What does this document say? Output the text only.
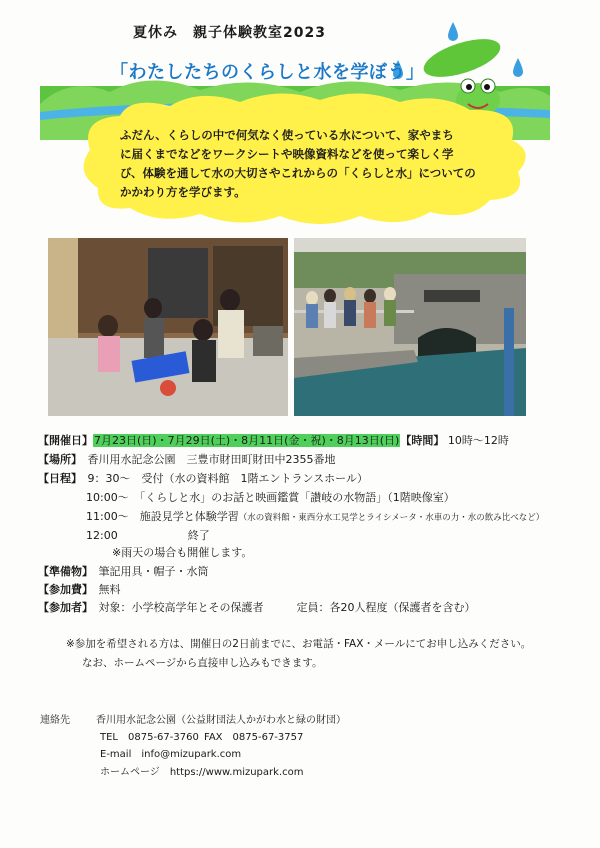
夏休み　親子体験教室2023
「わたしたちのくらしと水を学ぼう」
ふだん、くらしの中で何気なく使っている水について、家やまち
に届くまでなどをワークシートや映像資料などを使って楽しく学
び、体験を通して水の大切さやこれからの「くらしと水」についての
かかわり方を学びます。
【開催日】7月23日(日)・7月29日(土)・8月11日(金・祝)・8月13日(日)【時間】 10時～12時
【場所】　 香川用水記念公園　三豊市財田町財田中2355番地
【日程】　 9：30～　 受付（水の資料館　1階エントランスホール）
10:00～　 「くらしと水」のお話と映画鑑賞「讃岐の水物語」（1階映像室）
11:00～　 施設見学と体験学習（水の資料館・東西分水工見学とライシメータ・水車の力・水の飲み比べなど）
12:00	終了
※雨天の場合も開催します。
【準備物】　 筆記用具・帽子・水筒
【参加費】　 無料
【参加者】　 対象：小学校高学年とその保護者　　　	定員：各20人程度（保護者を含む）
※参加を希望される方は、開催日の2日前までに、お電話・FAX・メールにてお申し込みください。
なお、ホームページから直接申し込みもできます。
連絡先	香川用水記念公園（公益財団法人かがわ水と緑の財団）
TEL　0875-67-3760 FAX　0875-67-3757
E-mail　 info@mizupark.com
ホームページ　 https://www.mizupark.com
